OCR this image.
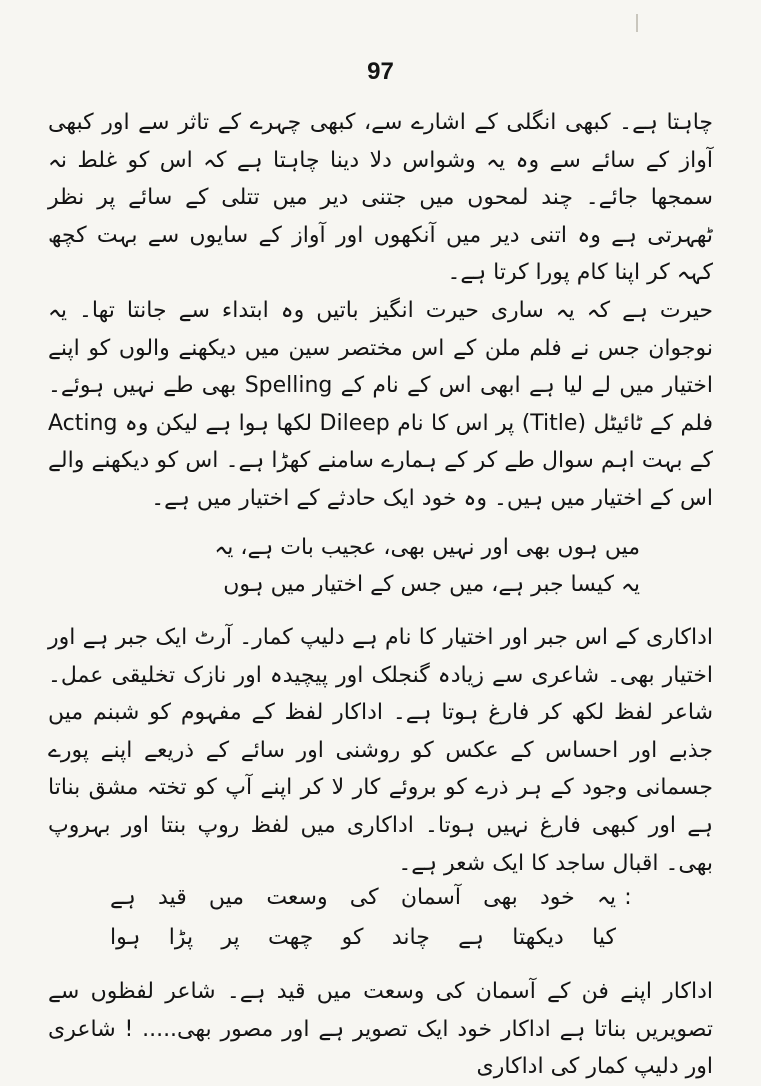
97

چاہتا ہے۔ کبھی انگلی کے اشارے سے، کبھی چہرے کے تاثر سے اور کبھی آواز کے سائے سے وہ یہ وشواس دلا دینا چاہتا ہے کہ اس کو غلط نہ سمجھا جائے۔ چند لمحوں میں جتنی دیر میں تتلی کے سائے پر نظر ٹھہرتی ہے وہ اتنی دیر میں آنکھوں اور آواز کے سایوں سے بہت کچھ کہہ کر اپنا کام پورا کرتا ہے۔

حیرت ہے کہ یہ ساری حیرت انگیز باتیں وہ ابتداء سے جانتا تھا۔ یہ نوجوان جس نے فلم ملن کے اس مختصر سین میں دیکھنے والوں کو اپنے اختیار میں لے لیا ہے ابھی اس کے نام کے Spelling بھی طے نہیں ہوئے۔ فلم کے ٹائیٹل (Title) پر اس کا نام Dileep لکھا ہوا ہے لیکن وہ Acting کے بہت اہم سوال طے کر کے ہمارے سامنے کھڑا ہے۔ اس کو دیکھنے والے اس کے اختیار میں ہیں۔ وہ خود ایک حادثے کے اختیار میں ہے۔

میں ہوں بھی اور نہیں بھی، عجیب بات ہے، یہ
یہ کیسا جبر ہے، میں جس کے اختیار میں ہوں

اداکاری کے اس جبر اور اختیار کا نام ہے دلیپ کمار۔ آرٹ ایک جبر ہے اور اختیار بھی۔ شاعری سے زیادہ گنجلک اور پیچیدہ اور نازک تخلیقی عمل۔ شاعر لفظ لکھ کر فارغ ہوتا ہے۔ اداکار لفظ کے مفہوم کو شبنم میں جذبے اور احساس کے عکس کو روشنی اور سائے کے ذریعے اپنے پورے جسمانی وجود کے ہر ذرے کو بروئے کار لا کر اپنے آپ کو تختہ مشق بناتا ہے اور کبھی فارغ نہیں ہوتا۔ اداکاری میں لفظ روپ بنتا اور بہروپ بھی۔ اقبال ساجد کا ایک شعر ہے۔

:
یہ خود بھی آسمان کی وسعت میں قید ہے
کیا دیکھتا ہے چاند کو چھت پر پڑا ہوا

اداکار اپنے فن کے آسمان کی وسعت میں قید ہے۔ شاعر لفظوں سے تصویریں بناتا ہے اداکار خود ایک تصویر ہے اور مصور بھی..... ! شاعری اور دلیپ کمار کی اداکاری
